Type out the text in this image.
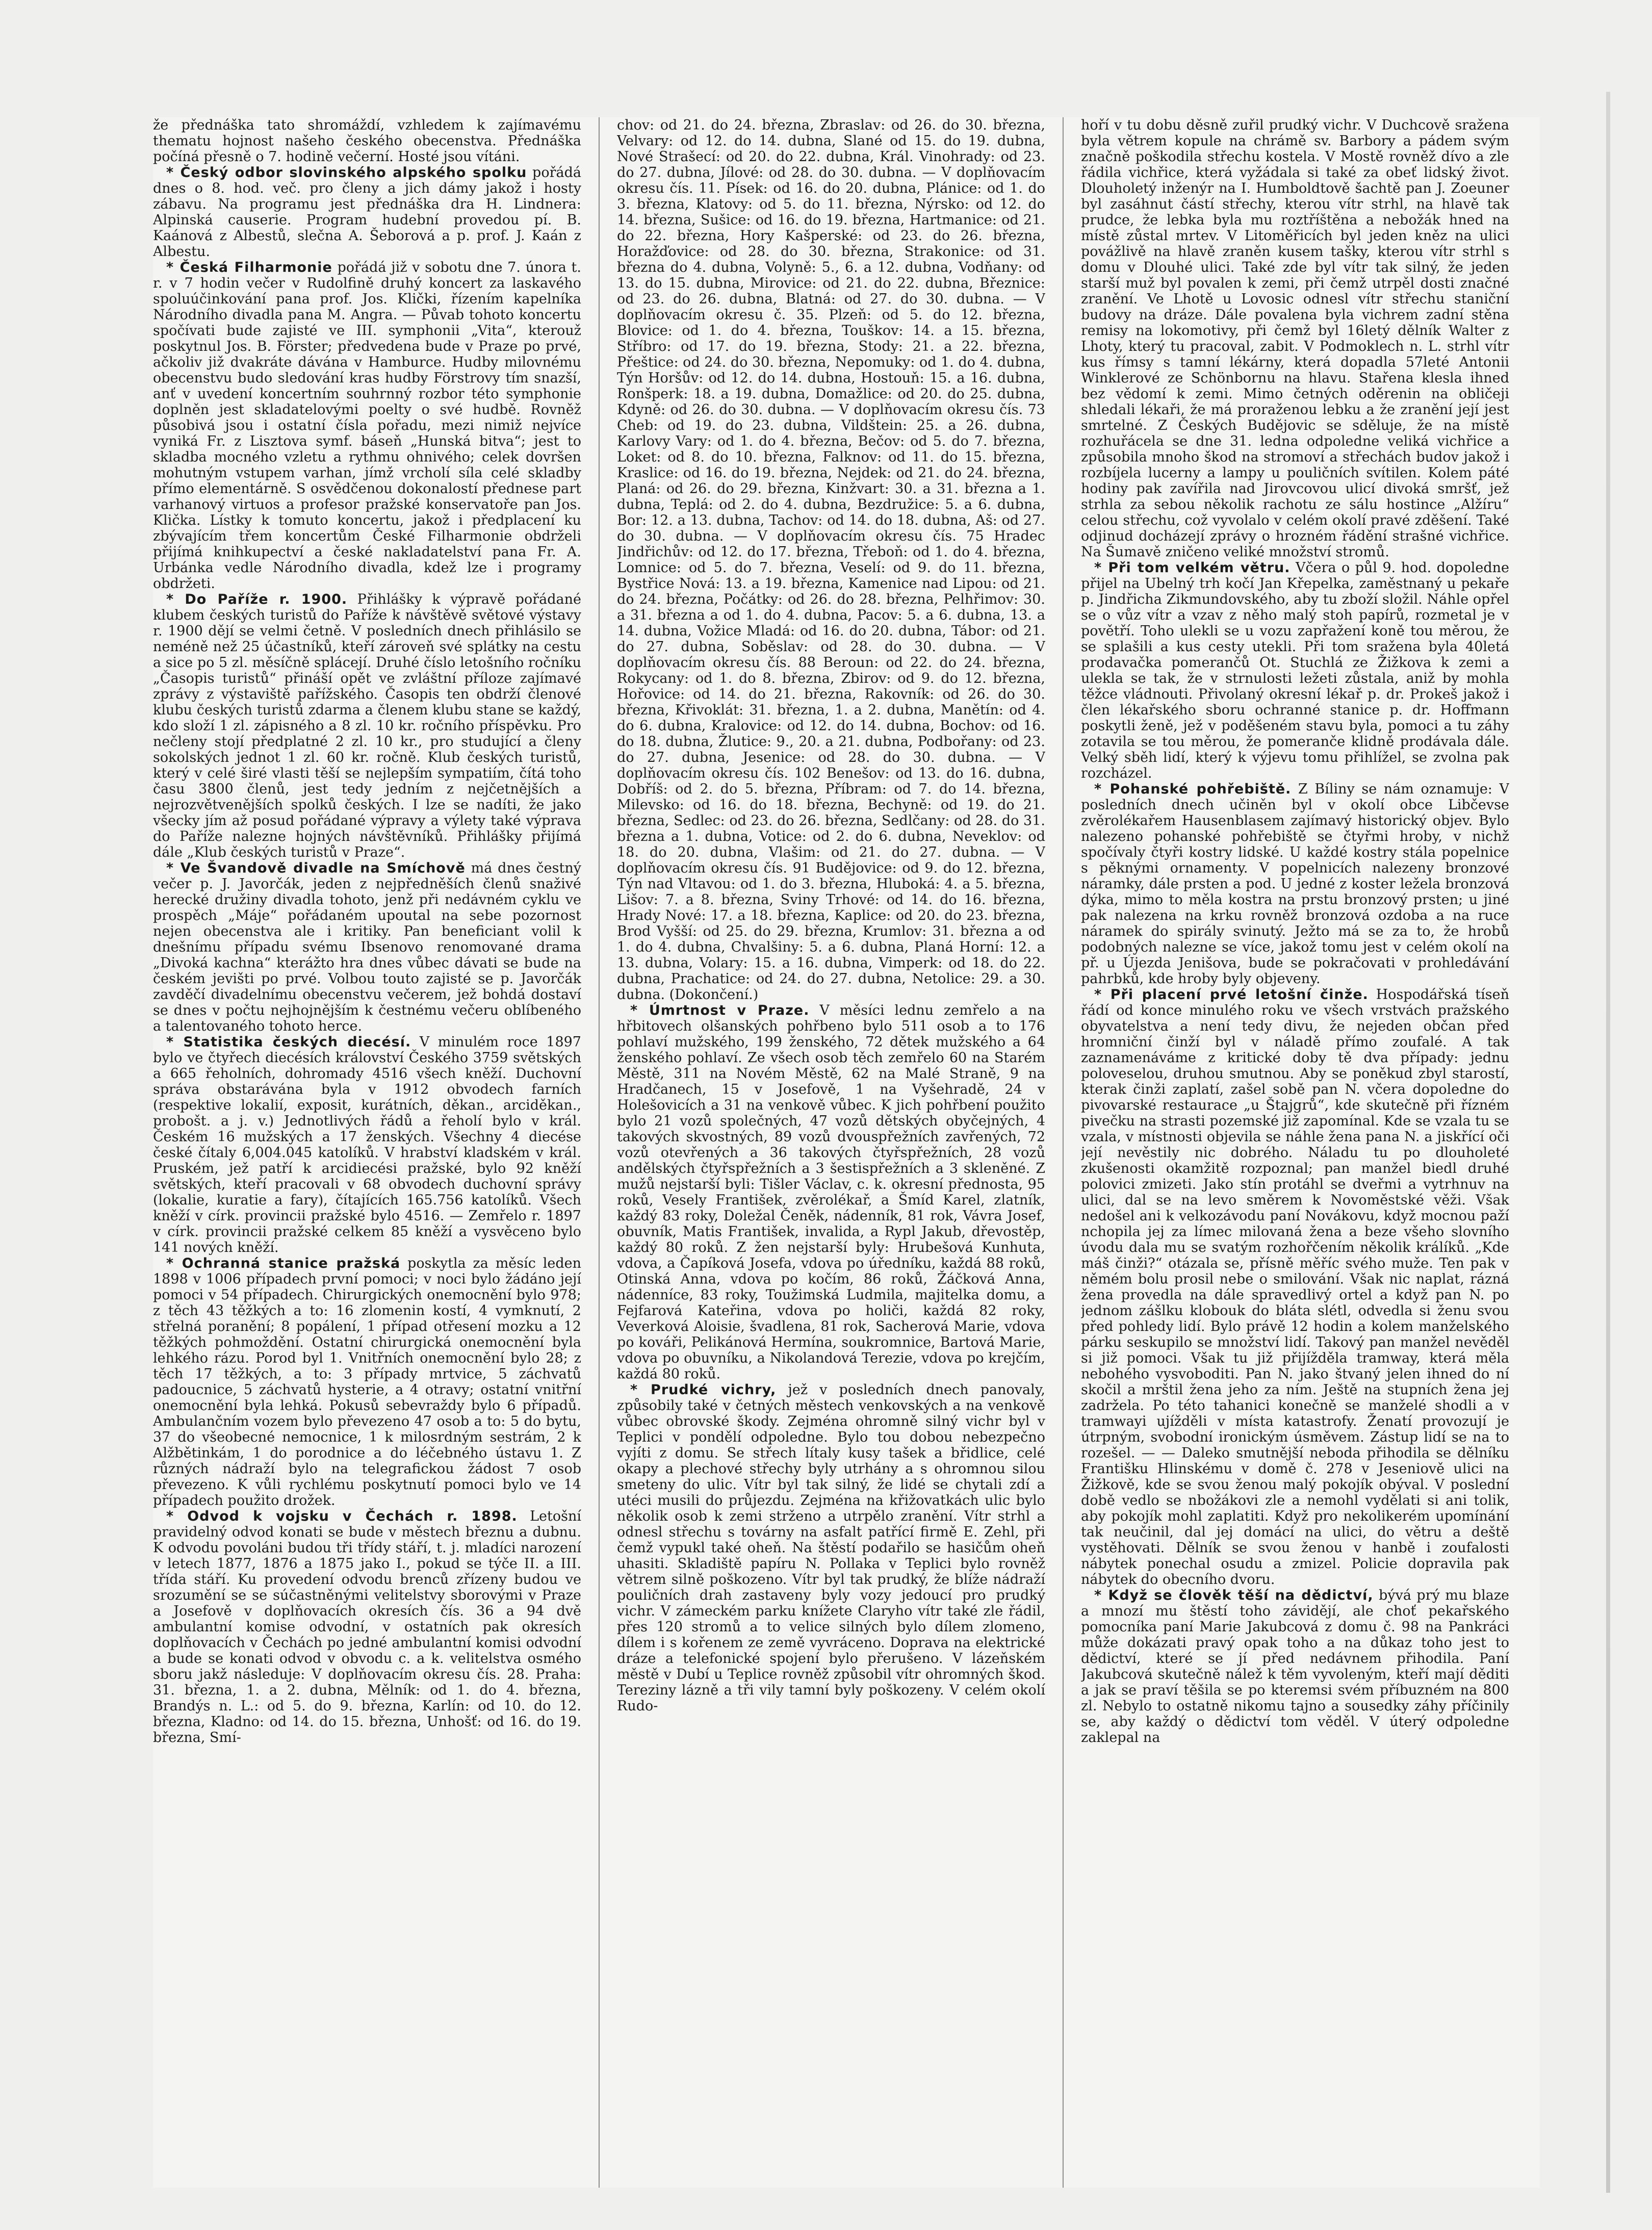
že přednáška tato shromáždí, vzhledem k zajímavému thematu hojnost našeho českého obecenstva. Přednáška počíná přesně o 7. hodině večerní. Hosté jsou vítáni.

* Český odbor slovinského alpského spolku pořádá dnes o 8. hod. več. pro členy a jich dámy jakož i hosty zábavu. Na programu jest přednáška dra H. Lindnera: Alpinská causerie. Program hudební provedou pí. B. Kaánová z Albestů, slečna A. Šeborová a p. prof. J. Kaán z Albestu.

* Česká Filharmonie pořádá již v sobotu dne 7. února t. r. v 7 hodin večer v Rudolfině druhý koncert za laskavého spoluúčinkování pana prof. Jos. Klički, řízením kapelníka Národního divadla pana M. Angra. — Půvab tohoto koncertu spočívati bude zajisté ve III. symphonii „Vita“, kterouž poskytnul Jos. B. Förster; předvedena bude v Praze po prvé, ačkoliv již dvakráte dávána v Hamburce. Hudby milovnému obecenstvu budo sledování kras hudby Förstrovy tím snazší, anť v uvedení koncertním souhrnný rozbor této symphonie doplněn jest skladatelovými poelty o své hudbě. Rovněž působivá jsou i ostatní čísla pořadu, mezi nimiž nejvíce vyniká Fr. z Lisztova symf. báseň „Hunská bitva“; jest to skladba mocného vzletu a rythmu ohnivého; celek dovršen mohutným vstupem varhan, jímž vrcholí síla celé skladby přímo elementárně. S osvědčenou dokonalostí přednese part varhanový virtuos a profesor pražské konservatoře pan Jos. Klička. Lístky k tomuto koncertu, jakož i předplacení ku zbývajícím třem koncertům České Filharmonie obdrželi přijímá knihkupectví a české nakladatelství pana Fr. A. Urbánka vedle Národního divadla, kdež lze i programy obdržeti.

* Do Paříže r. 1900. Přihlášky k výpravě pořádané klubem českých turistů do Paříže k návštěvě světové výstavy r. 1900 dějí se velmi četně. V posledních dnech přihlásilo se neméně než 25 účastníků, kteří zároveň své splátky na cestu a sice po 5 zl. měsíčně splácejí. Druhé číslo letošního ročníku „Časopis turistů“ přináší opět ve zvláštní příloze zajímavé zprávy z výstaviště pařížského. Časopis ten obdrží členové klubu českých turistů zdarma a členem klubu stane se každý, kdo složí 1 zl. zápisného a 8 zl. 10 kr. ročního příspěvku. Pro nečleny stojí předplatné 2 zl. 10 kr., pro studující a členy sokolských jednot 1 zl. 60 kr. ročně. Klub českých turistů, který v celé širé vlasti těší se nejlepším sympatiím, čítá toho času 3800 členů, jest tedy jedním z nejčetnějších a nejrozvětvenějších spolků českých. I lze se nadíti, že jako všecky jím až posud pořádané výpravy a výlety také výprava do Paříže nalezne hojných návštěvníků. Přihlášky přijímá dále „Klub českých turistů v Praze“.

* Ve Švandově divadle na Smíchově má dnes čestný večer p. J. Javorčák, jeden z nejpředněších členů snaživé herecké družiny divadla tohoto, jenž při nedávném cyklu ve prospěch „Máje“ pořádaném upoutal na sebe pozornost nejen obecenstva ale i kritiky. Pan beneficiant volil k dnešnímu případu svému Ibsenovo renomované drama „Divoká kachna“ kterážto hra dnes vůbec dávati se bude na českém jevišti po prvé. Volbou touto zajisté se p. Javorčák zavděčí divadelnímu obecenstvu večerem, jež bohdá dostaví se dnes v počtu nejhojnějším k čestnému večeru oblíbeného a talentovaného tohoto herce.

* Statistika českých diecésí. V minulém roce 1897 bylo ve čtyřech diecésích království Českého 3759 světských a 665 řeholních, dohromady 4516 všech kněží. Duchovní správa obstarávána byla v 1912 obvodech farních (respektive lokalií, exposit, kurátních, děkan., arciděkan., probošt. a j. v.) Jednotlivých řádů a řeholí bylo v král. Českém 16 mužských a 17 ženských. Všechny 4 diecése české čítaly 6,004.045 katolíků. V hrabství kladském v král. Pruském, jež patří k arcidiecési pražské, bylo 92 kněží světských, kteří pracovali v 68 obvodech duchovní správy (lokalie, kuratie a fary), čítajících 165.756 katolíků. Všech kněží v círk. provincii pražské bylo 4516. — Zemřelo r. 1897 v círk. provincii pražské celkem 85 kněží a vysvěceno bylo 141 nových kněží.

* Ochranná stanice pražská poskytla za měsíc leden 1898 v 1006 případech první pomoci; v noci bylo žádáno její pomoci v 54 případech. Chirurgických onemocnění bylo 978; z těch 43 těžkých a to: 16 zlomenin kostí, 4 vymknutí, 2 střelná poranění; 8 popálení, 1 případ otřesení mozku a 12 těžkých pohmoždění. Ostatní chirurgická onemocnění byla lehkého rázu. Porod byl 1. Vnitřních onemocnění bylo 28; z těch 17 těžkých, a to: 3 případy mrtvice, 5 záchvatů padoucnice, 5 záchvatů hysterie, a 4 otravy; ostatní vnitřní onemocnění byla lehká. Pokusů sebevraždy bylo 6 případů. Ambulančním vozem bylo převezeno 47 osob a to: 5 do bytu, 37 do všeobecné nemocnice, 1 k milosrdným sestrám, 2 k Alžbětinkám, 1 do porodnice a do léčebného ústavu 1. Z různých nádraží bylo na telegrafickou žádost 7 osob převezeno. K vůli rychlému poskytnutí pomoci bylo ve 14 případech použito drožek.

* Odvod k vojsku v Čechách r. 1898. Letošní pravidelný odvod konati se bude v městech březnu a dubnu. K odvodu povoláni budou tři třídy stáří, t. j. mladíci narození v letech 1877, 1876 a 1875 jako I., pokud se týče II. a III. třída stáří. Ku provedení odvodu brenců zřízeny budou ve srozumění se se súčastněnými velitelstvy sborovými v Praze a Josefově v doplňovacích okresích čís. 36 a 94 dvě ambulantní komise odvodní, v ostatních pak okresích doplňovacích v Čechách po jedné ambulantní komisi odvodní a bude se konati odvod v obvodu c. a k. velitelstva osmého sboru jakž následuje: V doplňovacím okresu čís. 28. Praha: 31. března, 1. a 2. dubna, Mělník: od 1. do 4. března, Brandýs n. L.: od 5. do 9. března, Karlín: od 10. do 12. března, Kladno: od 14. do 15. března, Unhošť: od 16. do 19. března, Smí-

chov: od 21. do 24. března, Zbraslav: od 26. do 30. března, Velvary: od 12. do 14. dubna, Slané od 15. do 19. dubna, Nové Strašecí: od 20. do 22. dubna, Král. Vinohrady: od 23. do 27. dubna, Jílové: od 28. do 30. dubna. — V doplňovacím okresu čís. 11. Písek: od 16. do 20. dubna, Plánice: od 1. do 3. března, Klatovy: od 5. do 11. března, Nýrsko: od 12. do 14. března, Sušice: od 16. do 19. března, Hartmanice: od 21. do 22. března, Hory Kašperské: od 23. do 26. března, Horažďovice: od 28. do 30. března, Strakonice: od 31. března do 4. dubna, Volyně: 5., 6. a 12. dubna, Vodňany: od 13. do 15. dubna, Mirovice: od 21. do 22. dubna, Březnice: od 23. do 26. dubna, Blatná: od 27. do 30. dubna. — V doplňovacím okresu č. 35. Plzeň: od 5. do 12. března, Blovice: od 1. do 4. března, Touškov: 14. a 15. března, Stříbro: od 17. do 19. března, Stody: 21. a 22. března, Přeštice: od 24. do 30. března, Nepomuky: od 1. do 4. dubna, Týn Horšův: od 12. do 14. dubna, Hostouň: 15. a 16. dubna, Ronšperk: 18. a 19. dubna, Domažlice: od 20. do 25. dubna, Kdyně: od 26. do 30. dubna. — V doplňovacím okresu čís. 73 Cheb: od 19. do 23. dubna, Vildštein: 25. a 26. dubna, Karlovy Vary: od 1. do 4. března, Bečov: od 5. do 7. března, Loket: od 8. do 10. března, Falknov: od 11. do 15. března, Kraslice: od 16. do 19. března, Nejdek: od 21. do 24. března, Planá: od 26. do 29. března, Kinžvart: 30. a 31. března a 1. dubna, Teplá: od 2. do 4. dubna, Bezdružice: 5. a 6. dubna, Bor: 12. a 13. dubna, Tachov: od 14. do 18. dubna, Aš: od 27. do 30. dubna. — V doplňovacím okresu čís. 75 Hradec Jindřichův: od 12. do 17. března, Třeboň: od 1. do 4. března, Lomnice: od 5. do 7. března, Veselí: od 9. do 11. března, Bystřice Nová: 13. a 19. března, Kamenice nad Lipou: od 21. do 24. března, Počátky: od 26. do 28. března, Pelhřimov: 30. a 31. března a od 1. do 4. dubna, Pacov: 5. a 6. dubna, 13. a 14. dubna, Vožice Mladá: od 16. do 20. dubna, Tábor: od 21. do 27. dubna, Soběslav: od 28. do 30. dubna. — V doplňovacím okresu čís. 88 Beroun: od 22. do 24. března, Rokycany: od 1. do 8. března, Zbirov: od 9. do 12. března, Hořovice: od 14. do 21. března, Rakovník: od 26. do 30. března, Křivoklát: 31. března, 1. a 2. dubna, Manětín: od 4. do 6. dubna, Kralovice: od 12. do 14. dubna, Bochov: od 16. do 18. dubna, Žlutice: 9., 20. a 21. dubna, Podbořany: od 23. do 27. dubna, Jesenice: od 28. do 30. dubna. — V doplňovacím okresu čís. 102 Benešov: od 13. do 16. dubna, Dobříš: od 2. do 5. března, Příbram: od 7. do 14. března, Milevsko: od 16. do 18. března, Bechyně: od 19. do 21. března, Sedlec: od 23. do 26. března, Sedlčany: od 28. do 31. března a 1. dubna, Votice: od 2. do 6. dubna, Neveklov: od 18. do 20. dubna, Vlašim: od 21. do 27. dubna. — V doplňovacím okresu čís. 91 Budějovice: od 9. do 12. března, Týn nad Vltavou: od 1. do 3. března, Hluboká: 4. a 5. března, Lišov: 7. a 8. března, Sviny Trhové: od 14. do 16. března, Hrady Nové: 17. a 18. března, Kaplice: od 20. do 23. března, Brod Vyšší: od 25. do 29. března, Krumlov: 31. března a od 1. do 4. dubna, Chvalšiny: 5. a 6. dubna, Planá Horní: 12. a 13. dubna, Volary: 15. a 16. dubna, Vimperk: od 18. do 22. dubna, Prachatice: od 24. do 27. dubna, Netolice: 29. a 30. dubna. (Dokončení.)

* Úmrtnost v Praze. V měsíci lednu zemřelo a na hřbitovech olšanských pohřbeno bylo 511 osob a to 176 pohlaví mužského, 199 ženského, 72 dětek mužského a 64 ženského pohlaví. Ze všech osob těch zemřelo 60 na Starém Městě, 311 na Novém Městě, 62 na Malé Straně, 9 na Hradčanech, 15 v Josefově, 1 na Vyšehradě, 24 v Holešovicích a 31 na venkově vůbec. K jich pohřbení použito bylo 21 vozů společných, 47 vozů dětských obyčejných, 4 takových skvostných, 89 vozů dvouspřežních zavřených, 72 vozů otevřených a 36 takových čtyřspřežních, 28 vozů andělských čtyřspřežních a 3 šestispřežních a 3 skleněné. Z mužů nejstarší byli: Tišler Václav, c. k. okresní přednosta, 95 roků, Vesely František, zvěrolékař, a Šmíd Karel, zlatník, každý 83 roky, Doležal Čeněk, nádenník, 81 rok, Vávra Josef, obuvník, Matis František, invalida, a Rypl Jakub, dřevostěp, každý 80 roků. Z žen nejstarší byly: Hrubešová Kunhuta, vdova, a Čapíková Josefa, vdova po úředníku, každá 88 roků, Otinská Anna, vdova po kočím, 86 roků, Žáčková Anna, nádenníce, 83 roky, Toužimská Ludmila, majitelka domu, a Fejfarová Kateřina, vdova po holiči, každá 82 roky, Veverková Aloisie, švadlena, 81 rok, Sacherová Marie, vdova po kováři, Pelikánová Hermína, soukromnice, Bartová Marie, vdova po obuvníku, a Nikolandová Terezie, vdova po krejčím, každá 80 roků.

* Prudké vichry, jež v posledních dnech panovaly, způsobily také v četných městech venkovských a na venkově vůbec obrovské škody. Zejména ohromně silný vichr byl v Teplici v pondělí odpoledne. Bylo tou dobou nebezpečno vyjíti z domu. Se střech lítaly kusy tašek a břidlice, celé okapy a plechové střechy byly utrhány a s ohromnou silou smeteny do ulic. Vítr byl tak silný, že lidé se chytali zdí a utéci musili do průjezdu. Zejména na křižovatkách ulic bylo několik osob k zemi strženo a utrpělo zranění. Vítr strhl a odnesl střechu s továrny na asfalt patřící firmě E. Zehl, při čemž vypukl také oheň. Na štěstí podařilo se hasičům oheň uhasiti. Skladiště papíru N. Pollaka v Teplici bylo rovněž větrem silně poškozeno. Vítr byl tak prudký, že blíže nádraží pouličních drah zastaveny byly vozy jedoucí pro prudký vichr. V zámeckém parku knížete Claryho vítr také zle řádil, přes 120 stromů a to velice silných bylo dílem zlomeno, dílem i s kořenem ze země vyvráceno. Doprava na elektrické dráze a telefonické spojení bylo přerušeno. V lázeňském městě v Dubí u Teplice rovněž způsobil vítr ohromných škod. Tereziny lázně a tři vily tamní byly poškozeny. V celém okolí Rudo-

hoří v tu dobu děsně zuřil prudký vichr. V Duchcově sražena byla větrem kopule na chrámě sv. Barbory a pádem svým značně poškodila střechu kostela. V Mostě rovněž dívo a zle řádila vichřice, která vyžádala si také za obeť lidský život. Dlouholetý inženýr na I. Humboldtově šachtě pan J. Zoeuner byl zasáhnut částí střechy, kterou vítr strhl, na hlavě tak prudce, že lebka byla mu roztříštěna a nebožák hned na místě zůstal mrtev. V Litoměřicích byl jeden kněz na ulici povážlivě na hlavě zraněn kusem tašky, kterou vítr strhl s domu v Dlouhé ulici. Také zde byl vítr tak silný, že jeden starší muž byl povalen k zemi, při čemž utrpěl dosti značné zranění. Ve Lhotě u Lovosic odnesl vítr střechu staniční budovy na dráze. Dále povalena byla vichrem zadní stěna remisy na lokomotivy, při čemž byl 16letý dělník Walter z Lhoty, který tu pracoval, zabit. V Podmoklech n. L. strhl vítr kus římsy s tamní lékárny, která dopadla 57leté Antonii Winklerové ze Schönbornu na hlavu. Stařena klesla ihned bez vědomí k zemi. Mimo četných oděrenin na obličeji shledali lékaři, že má proraženou lebku a že zranění její jest smrtelné. Z Českých Budějovic se sděluje, že na místě rozhuřácela se dne 31. ledna odpoledne veliká vichřice a způsobila mnoho škod na stromoví a střechách budov jakož i rozbíjela lucerny a lampy u pouličních svítilen. Kolem páté hodiny pak zavířila nad Jirovcovou ulicí divoká smršť, jež strhla za sebou několik rachotu ze sálu hostince „Alžíru“ celou střechu, což vyvolalo v celém okolí pravé zděšení. Také odjinud docházejí zprávy o hrozném řádění strašné vichřice. Na Šumavě zničeno veliké množství stromů.

* Při tom velkém větru. Včera o půl 9. hod. dopoledne přijel na Ubelný trh kočí Jan Křepelka, zaměstnaný u pekaře p. Jindřicha Zikmundovského, aby tu zboží složil. Náhle opřel se o vůz vítr a vzav z něho malý stoh papírů, rozmetal je v povětří. Toho ulekli se u vozu zapřažení koně tou měrou, že se splašili a kus cesty utekli. Při tom sražena byla 40letá prodavačka pomerančů Ot. Stuchlá ze Žižkova k zemi a ulekla se tak, že v strnulosti ležeti zůstala, aniž by mohla těžce vládnouti. Přivolaný okresní lékař p. dr. Prokeš jakož i člen lékařského sboru ochranné stanice p. dr. Hoffmann poskytli ženě, jež v poděšeném stavu byla, pomoci a tu záhy zotavila se tou měrou, že pomeranče klidně prodávala dále. Velký sběh lidí, který k výjevu tomu přihlížel, se zvolna pak rozcházel.

* Pohanské pohřebiště. Z Bíliny se nám oznamuje: V posledních dnech učiněn byl v okolí obce Libčevse zvěrolékařem Hausenblasem zajímavý historický objev. Bylo nalezeno pohanské pohřebiště se čtyřmi hroby, v nichž spočívaly čtyři kostry lidské. U každé kostry stála popelnice s pěknými ornamenty. V popelnicích nalezeny bronzové náramky, dále prsten a pod. U jedné z koster ležela bronzová dýka, mimo to měla kostra na prstu bronzový prsten; u jiné pak nalezena na krku rovněž bronzová ozdoba a na ruce náramek do spirály svinutý. Ježto má se za to, že hrobů podobných nalezne se více, jakož tomu jest v celém okolí na př. u Újezda Jenišova, bude se pokračovati v prohledávání pahrbků, kde hroby byly objeveny.

* Při placení prvé letošní činže. Hospodářská tíseň řádí od konce minulého roku ve všech vrstvách pražského obyvatelstva a není tedy divu, že nejeden občan před hromniční činží byl v náladě přímo zoufalé. A tak zaznamenáváme z kritické doby tě dva případy: jednu poloveselou, druhou smutnou. Aby se poněkud zbyl starostí, kterak činži zaplatí, zašel sobě pan N. včera dopoledne do pivovarské restaurace „u Štajgrů“, kde skutečně při řízném pivečku na strasti pozemské již zapomínal. Kde se vzala tu se vzala, v místnosti objevila se náhle žena pana N. a jiskřící oči její nevěstily nic dobrého. Náladu tu po dlouholeté zkušenosti okamžitě rozpoznal; pan manžel biedl druhé polovici zmizeti. Jako stín protáhl se dveřmi a vytrhnuv na ulici, dal se na levo směrem k Novoměstské věži. Však nedošel ani k velkozávodu paní Novákovu, když mocnou paží nchopila jej za límec milovaná žena a beze všeho slovního úvodu dala mu se svatým rozhořčením několik králíků. „Kde máš činži?“ otázala se, přísně měříc svého muže. Ten pak v němém bolu prosil nebe o smilování. Však nic naplat, rázná žena provedla na dále spravedlivý ortel a když pan N. po jednom zášlku klobouk do bláta slétl, odvedla si ženu svou před pohledy lidí. Bylo právě 12 hodin a kolem manželského párku seskupilo se množství lidí. Takový pan manžel nevěděl si již pomoci. Však tu již přijížděla tramway, která měla nebohého vysvoboditi. Pan N. jako štvaný jelen ihned do ní skočil a mrštil žena jeho za ním. Ještě na stupních žena jej zadržela. Po této tahanici konečně se manželé shodli a v tramwayi ujížděli v místa katastrofy. Ženatí provozují je útrpným, svobodní ironickým úsměvem. Zástup lidí se na to rozešel. — — Daleko smutnější neboda přihodila se dělníku Františku Hlinskému v domě č. 278 v Jeseniově ulici na Žižkově, kde se svou ženou malý pokojík obýval. V poslední době vedlo se nbožákovi zle a nemohl vydělati si ani tolik, aby pokojík mohl zaplatiti. Když pro nekolikerém upomínání tak neučinil, dal jej domácí na ulici, do větru a deště vystěhovati. Dělník se svou ženou v hanbě i zoufalosti nábytek ponechal osudu a zmizel. Policie dopravila pak nábytek do obecního dvoru.

* Když se člověk těší na dědictví, bývá prý mu blaze a mnozí mu štěstí toho závidějí, ale choť pekařského pomocníka paní Marie Jakubcová z domu č. 98 na Pankráci může dokázati pravý opak toho a na důkaz toho jest to dědictví, které se jí před nedávnem přihodila. Paní Jakubcová skutečně nálež k těm vyvoleným, kteří mají děditi a jak se praví těšila se po kteremsi svém příbuzném na 800 zl. Nebylo to ostatně nikomu tajno a sousedky záhy příčinily se, aby každý o dědictví tom věděl. V úterý odpoledne zaklepal na
